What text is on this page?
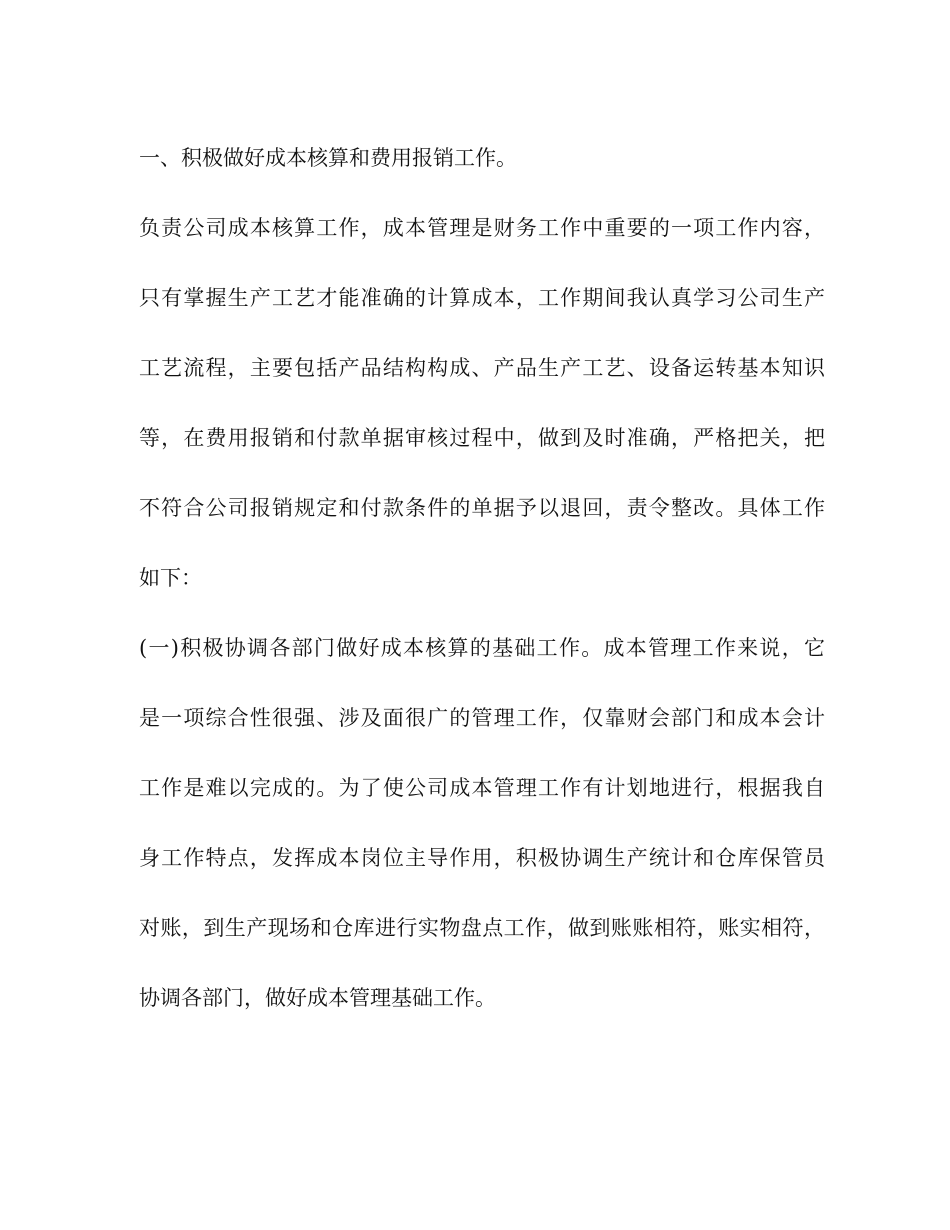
一、积极做好成本核算和费用报销工作。
负责公司成本核算工作，成本管理是财务工作中重要的一项工作内容，
只有掌握生产工艺才能准确的计算成本，工作期间我认真学习公司生产
工艺流程，主要包括产品结构构成、产品生产工艺、设备运转基本知识
等，在费用报销和付款单据审核过程中，做到及时准确，严格把关，把
不符合公司报销规定和付款条件的单据予以退回，责令整改。具体工作
如下：
(一)积极协调各部门做好成本核算的基础工作。成本管理工作来说，它
是一项综合性很强、涉及面很广的管理工作，仅靠财会部门和成本会计
工作是难以完成的。为了使公司成本管理工作有计划地进行，根据我自
身工作特点，发挥成本岗位主导作用，积极协调生产统计和仓库保管员
对账，到生产现场和仓库进行实物盘点工作，做到账账相符，账实相符，
协调各部门，做好成本管理基础工作。
